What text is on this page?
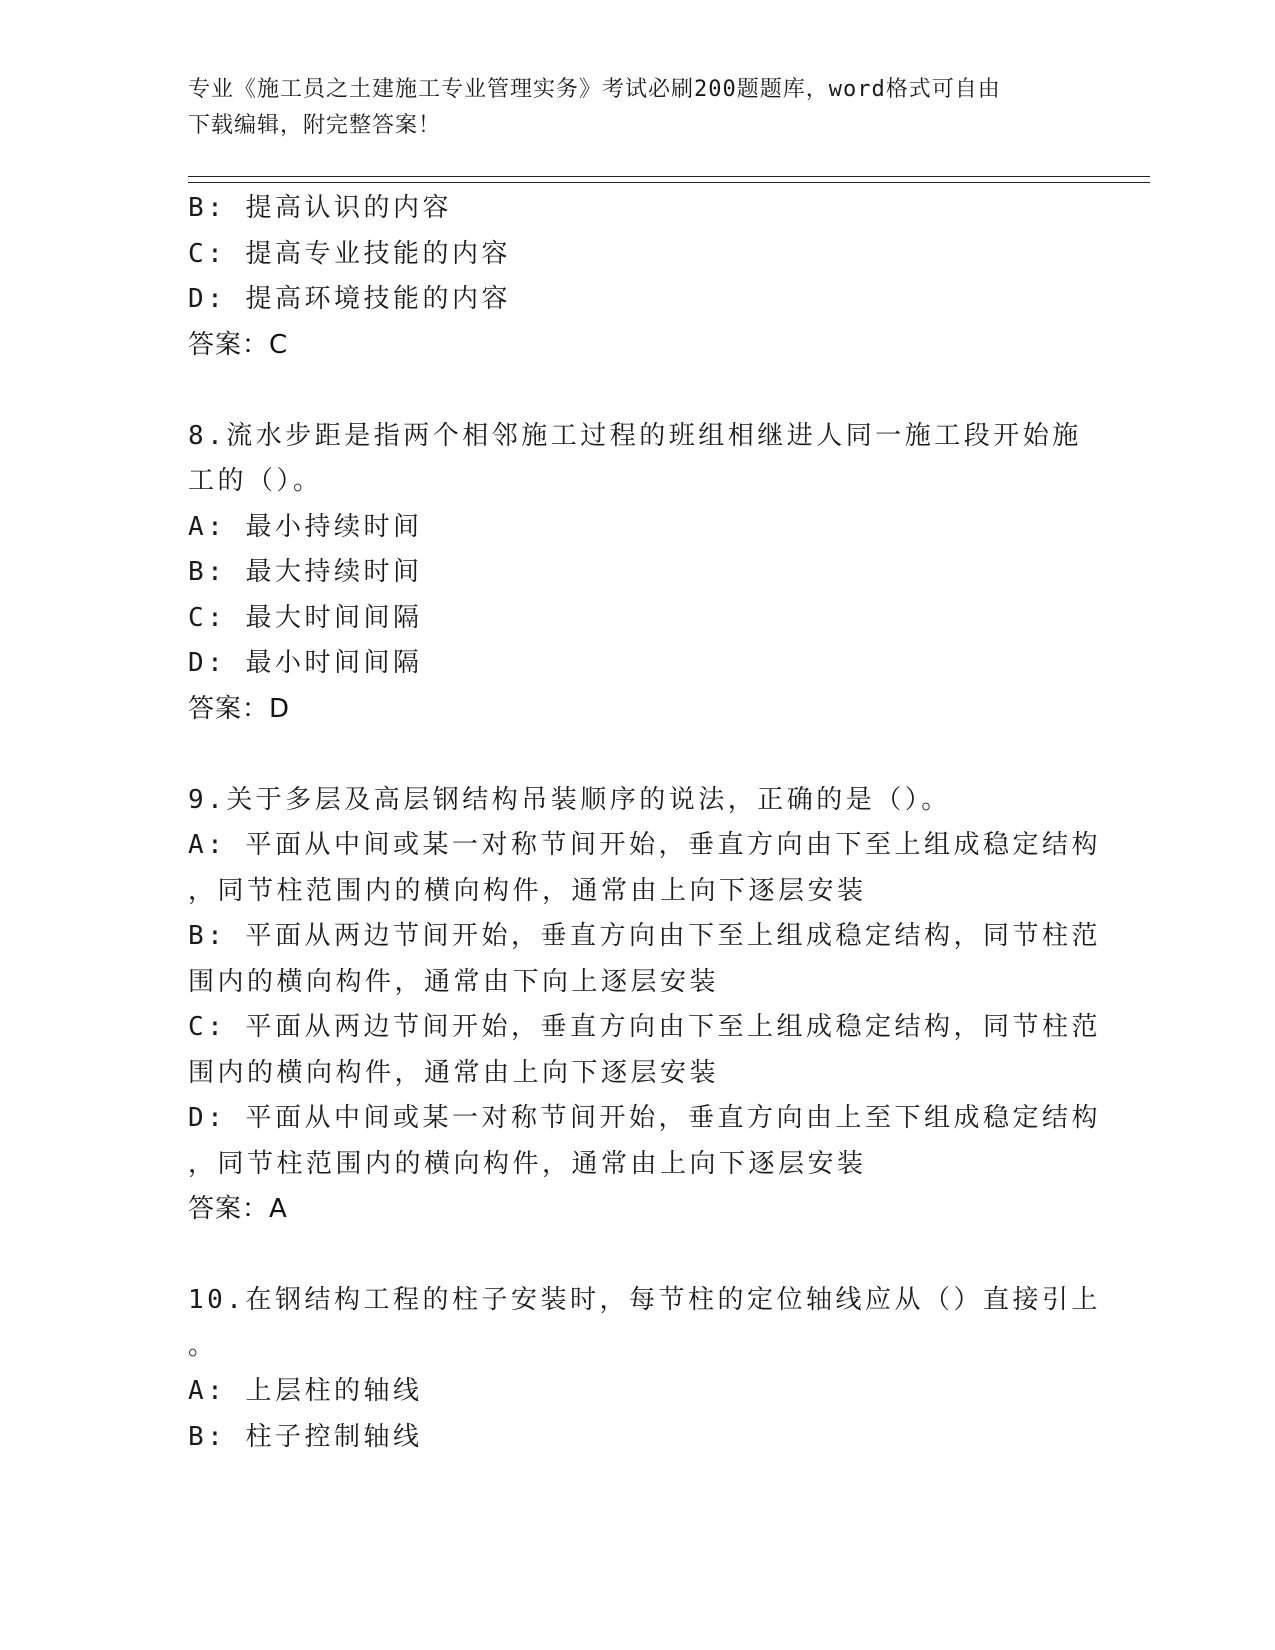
专业《施工员之土建施工专业管理实务》考试必刷200题题库，word格式可自由
下载编辑，附完整答案！
B: 提高认识的内容
C: 提高专业技能的内容
D: 提高环境技能的内容
答案：C
8.流水步距是指两个相邻施工过程的班组相继进人同一施工段开始施
工的（）。
A: 最小持续时间
B: 最大持续时间
C: 最大时间间隔
D: 最小时间间隔
答案：D
9.关于多层及高层钢结构吊装顺序的说法，正确的是（）。
A: 平面从中间或某一对称节间开始，垂直方向由下至上组成稳定结构
，同节柱范围内的横向构件，通常由上向下逐层安装
B: 平面从两边节间开始，垂直方向由下至上组成稳定结构，同节柱范
围内的横向构件，通常由下向上逐层安装
C: 平面从两边节间开始，垂直方向由下至上组成稳定结构，同节柱范
围内的横向构件，通常由上向下逐层安装
D: 平面从中间或某一对称节间开始，垂直方向由上至下组成稳定结构
，同节柱范围内的横向构件，通常由上向下逐层安装
答案：A
10.在钢结构工程的柱子安装时，每节柱的定位轴线应从（）直接引上
。
A: 上层柱的轴线
B: 柱子控制轴线
